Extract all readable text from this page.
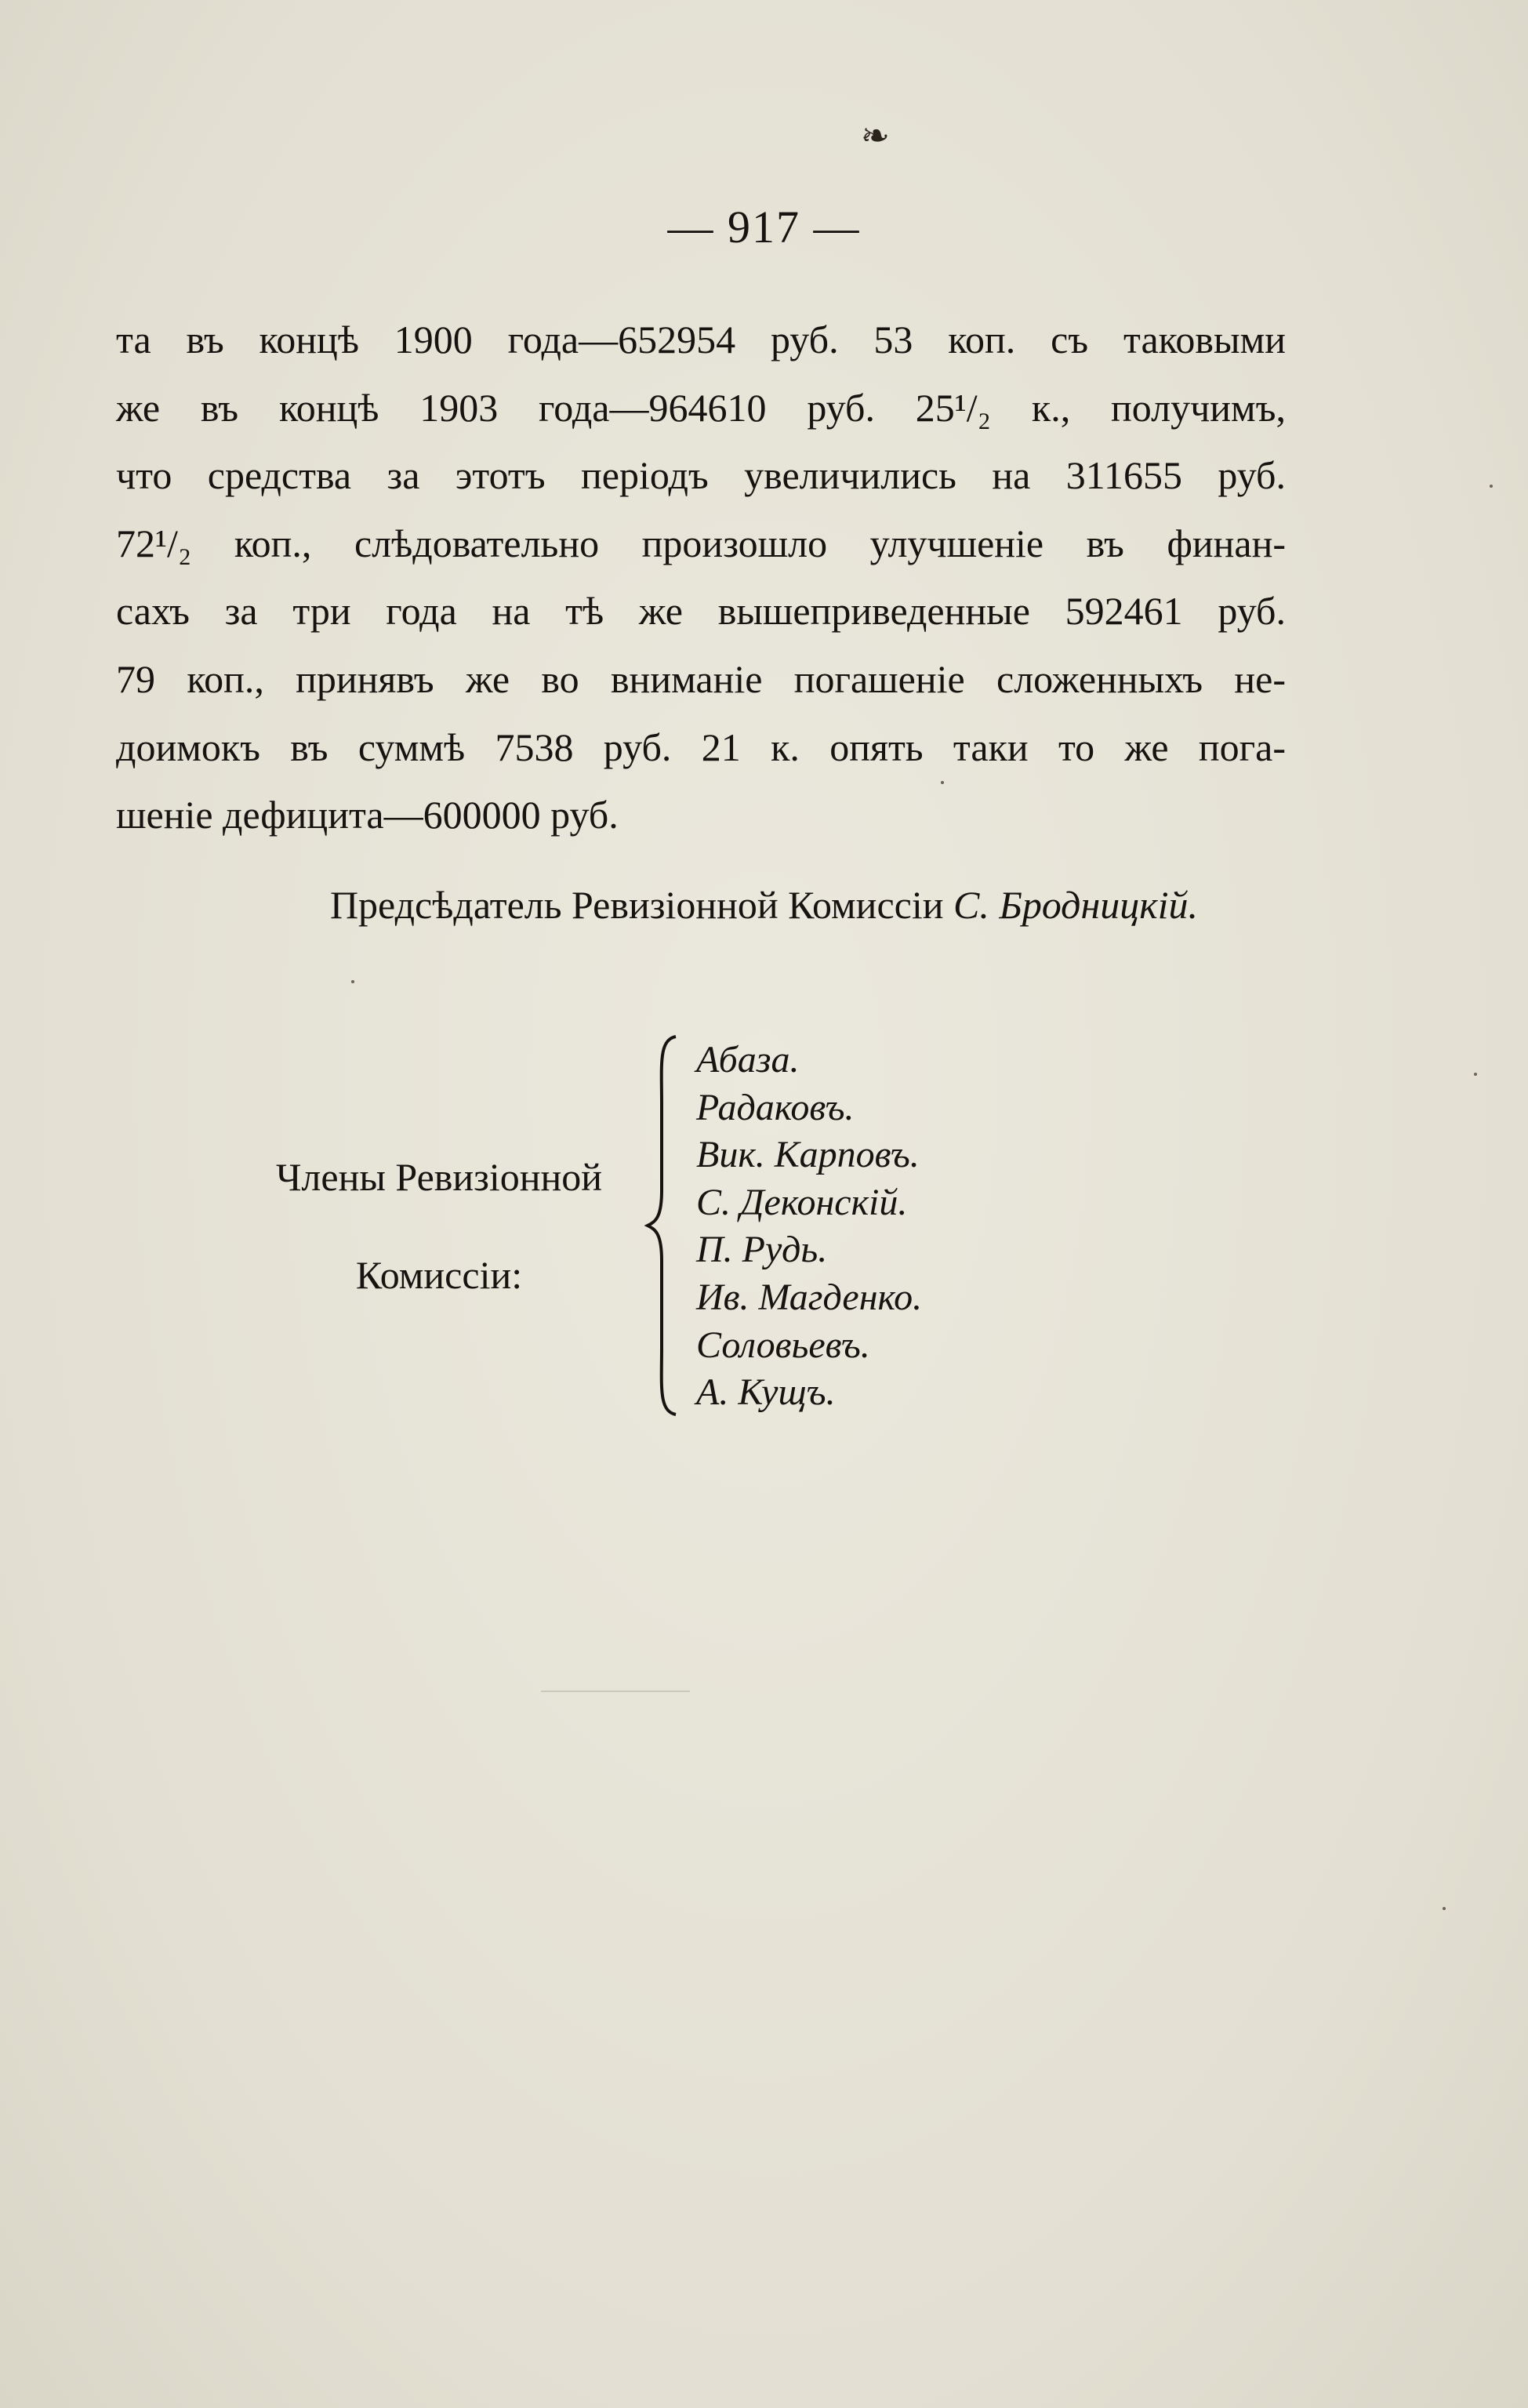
❧
— 917 —
та въ концѣ 1900 года—652954 руб. 53 коп. съ таковыми
же въ концѣ 1903 года—964610 руб. 25¹/₂ к., получимъ,
что средства за этотъ періодъ увеличились на 311655 руб.
72¹/₂ коп., слѣдовательно произошло улучшеніе въ финан-
сахъ за три года на тѣ же вышеприведенные 592461 руб.
79 коп., принявъ же во вниманіе погашеніе сложенныхъ не-
доимокъ въ суммѣ 7538 руб. 21 к. опять таки то же пога-
шеніе дефицита—600000 руб.
Предсѣдатель Ревизіонной Комиссіи С. Бродницкій.
Члены Ревизіонной
Комиссіи:
Абаза.
Радаковъ.
Вик. Карповъ.
С. Деконскій.
П. Рудь.
Ив. Магденко.
Соловьевъ.
А. Кущъ.
